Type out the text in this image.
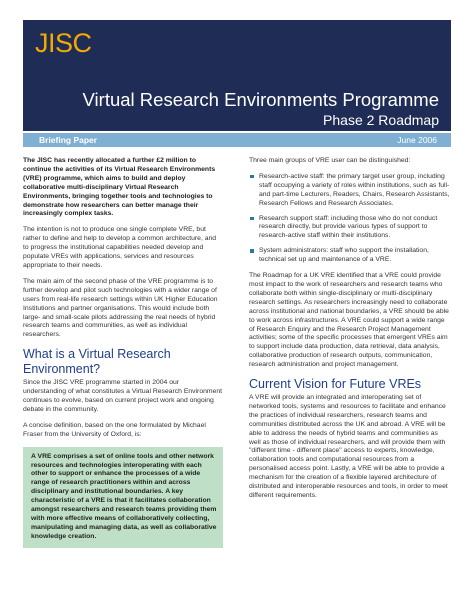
JISC
Virtual Research Environments Programme
Phase 2 Roadmap
Briefing Paper	June 2006

The JISC has recently allocated a further £2 million to continue the activities of its Virtual Research Environments (VRE) programme, which aims to build and deploy collaborative multi-disciplinary Virtual Research Environments, bringing together tools and technologies to demonstrate how researchers can better manage their increasingly complex tasks.

The intention is not to produce one single complete VRE, but rather to define and help to develop a common architecture, and to progress the institutional capabilities needed develop and populate VREs with applications, services and resources appropriate to their needs.

The main aim of the second phase of the VRE programme is to further develop and pilot such technologies with a wider range of users from real-life research settings within UK Higher Education Institutions and partner organisations. This would include both large- and small-scale pilots addressing the real needs of hybrid research teams and communities, as well as individual researchers.

What is a Virtual Research Environment?

Since the JISC VRE programme started in 2004 our understanding of what constitutes a Virtual Research Environment continues to evolve, based on current project work and ongoing debate in the community.

A concise definition, based on the one formulated by Michael Fraser from the University of Oxford, is:

A VRE comprises a set of online tools and other network resources and technologies interoperating with each other to support or enhance the processes of a wide range of research practitioners within and across disciplinary and institutional boundaries. A key characteristic of a VRE is that it facilitates collaboration amongst researchers and research teams providing them with more effective means of collaboratively collecting, manipulating and managing data, as well as collaborative knowledge creation.

Three main groups of VRE user can be distinguished:

Research-active staff: the primary target user group, including staff occupying a variety of roles within institutions, such as full- and part-time Lecturers, Readers, Chairs, Research Assistants, Research Fellows and Research Associates.
Research support staff: including those who do not conduct research directly, but provide various types of support to research-active staff within their institutions.
System administrators: staff who support the installation, technical set up and maintenance of a VRE.

The Roadmap for a UK VRE identified that a VRE could provide most impact to the work of researchers and research teams who collaborate both within single-disciplinary or multi-disciplinary research settings. As researchers increasingly need to collaborate across institutional and national boundaries, a VRE should be able to work across infrastructures. A VRE could support a wide range of Research Enquiry and the Research Project Management activities; some of the specific processes that emergent VREs aim to support include data production, data retrieval, data analysis, collaborative production of research outputs, communication, research administration and project management.

Current Vision for Future VREs

A VRE will provide an integrated and interoperating set of networked tools, systems and resources to facilitate and enhance the practices of individual researchers, research teams and communities distributed across the UK and abroad. A VRE will be able to address the needs of hybrid teams and communities as well as those of individual researchers, and will provide them with "different time - different place" access to experts, knowledge, collaboration tools and computational resources from a personalised access point. Lastly, a VRE will be able to provide a mechanism for the creation of a flexible layered architecture of distributed and interoperable resources and tools, in order to meet different requirements.
